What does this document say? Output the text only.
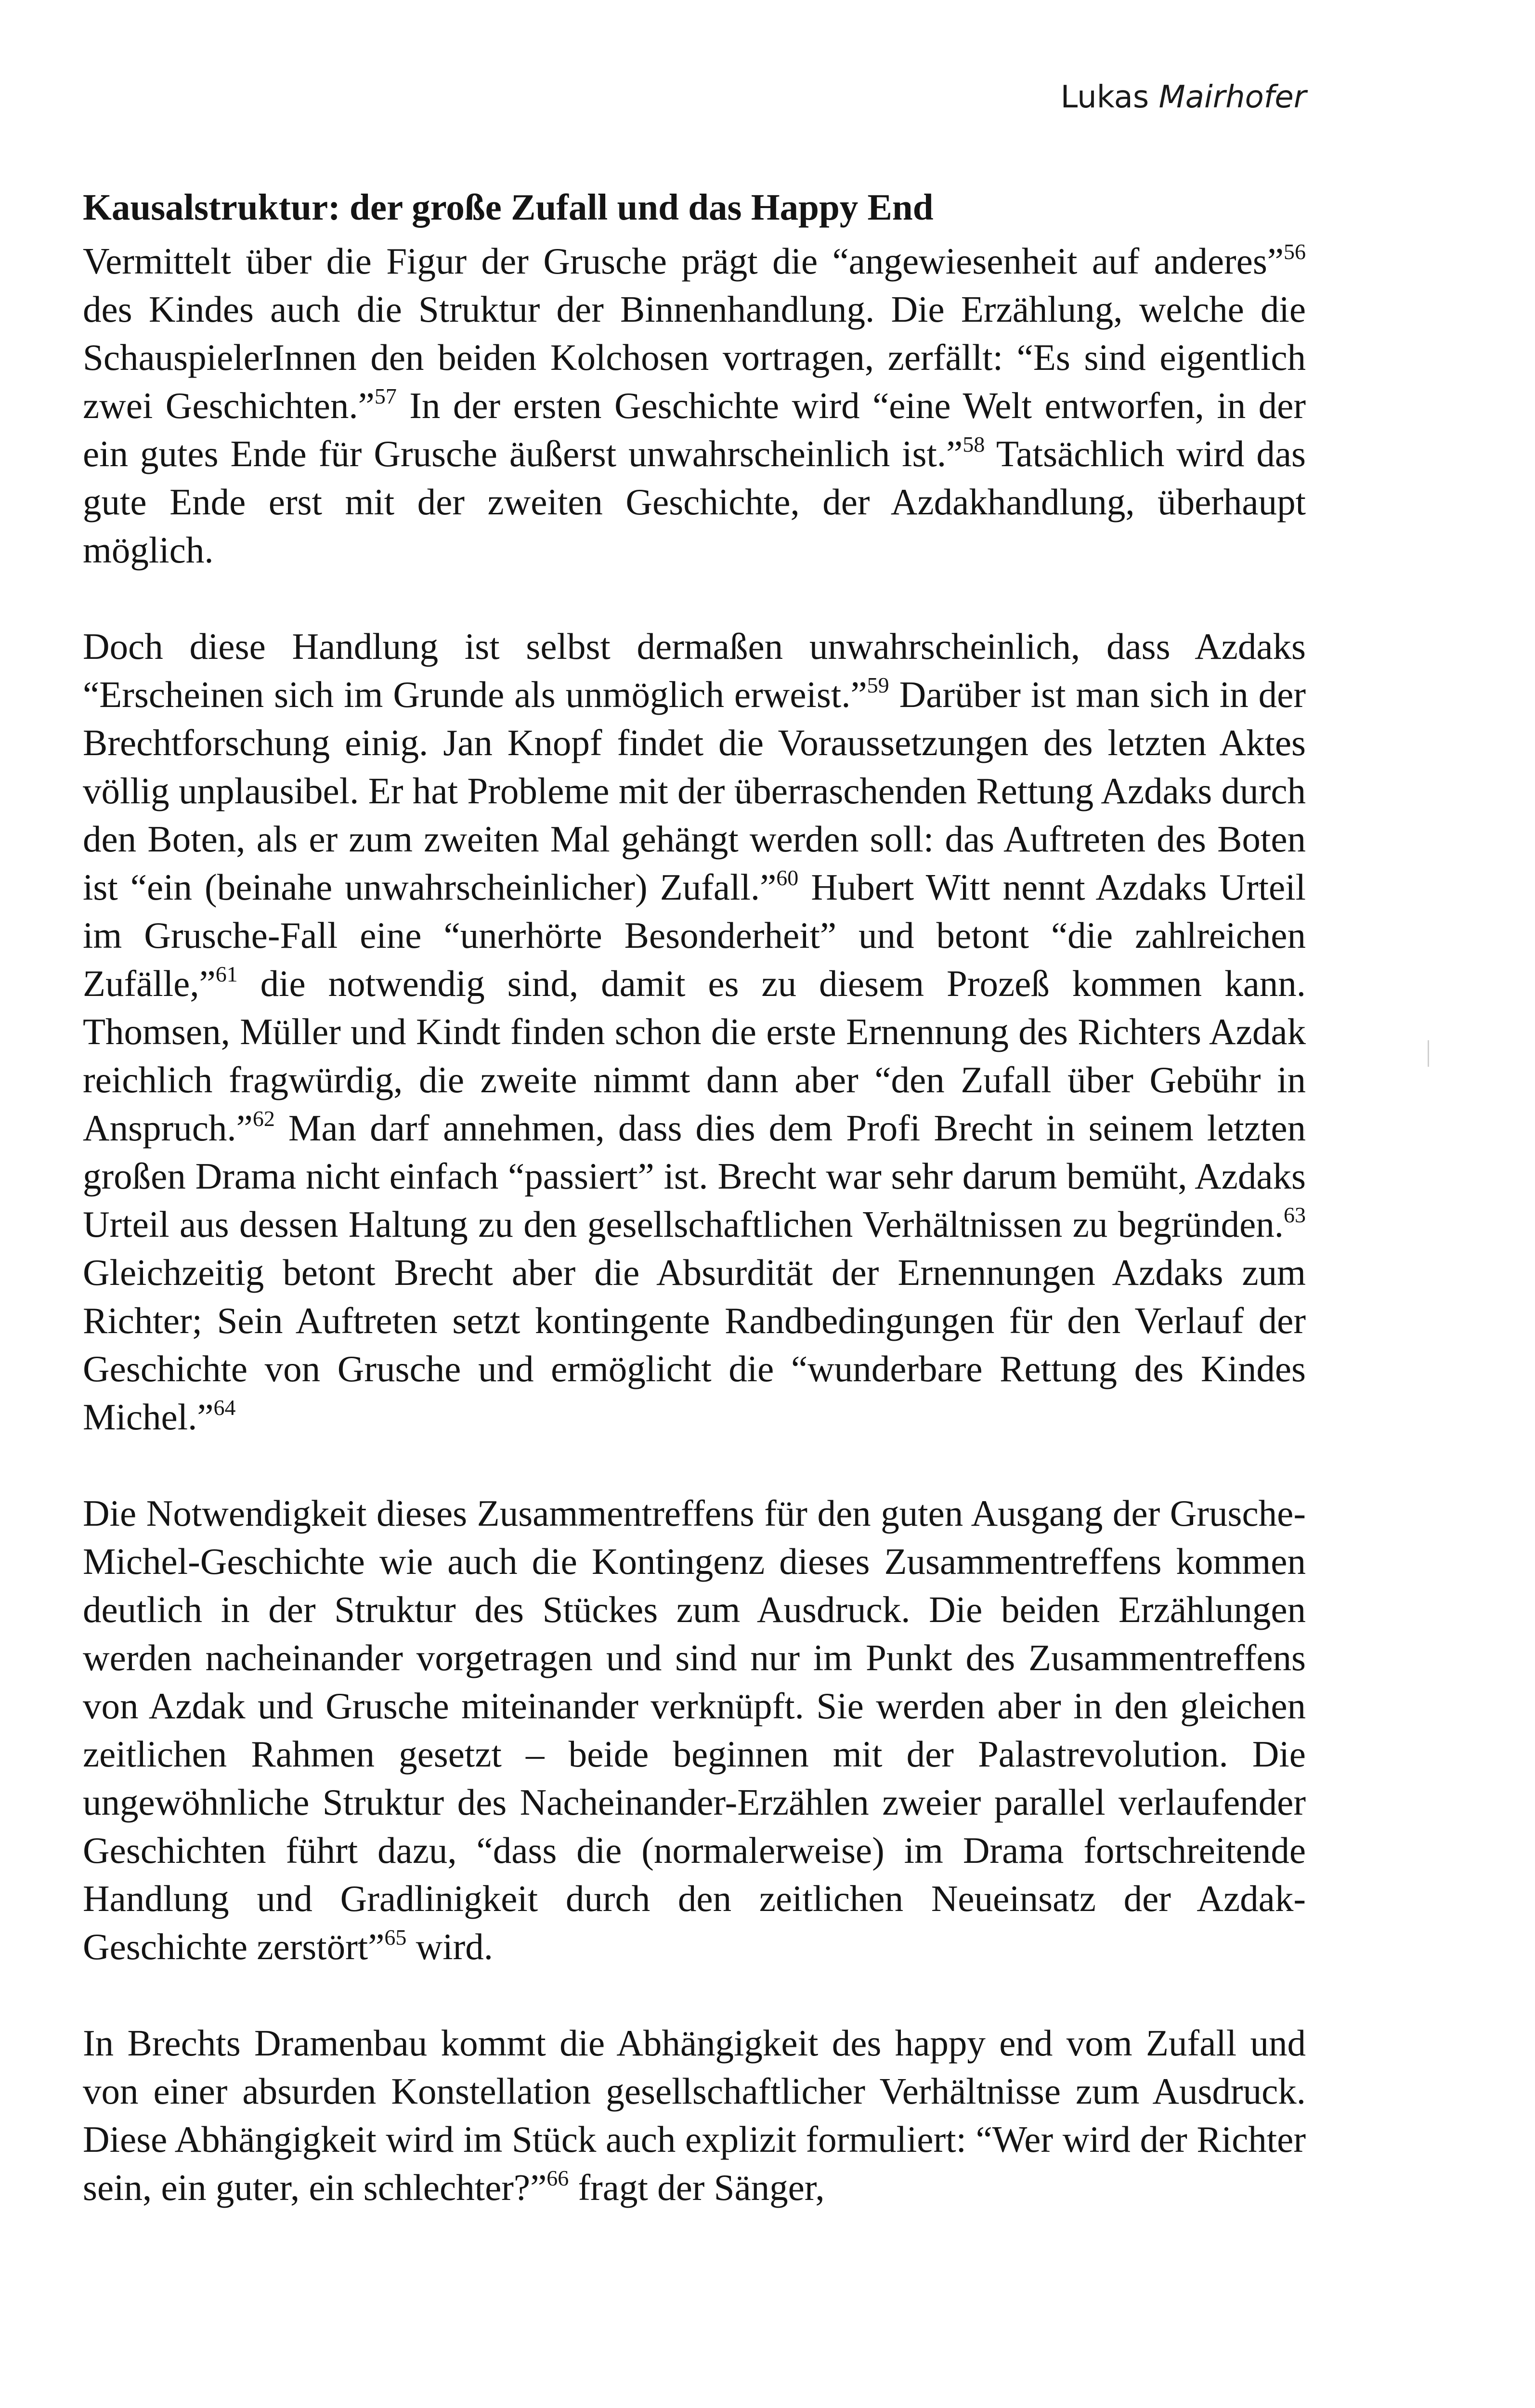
Lukas Mairhofer
Kausalstruktur: der große Zufall und das Happy End

Vermittelt über die Figur der Grusche prägt die “angewiesenheit auf anderes”$^{56}$ des Kindes auch die Struktur der Binnenhandlung. Die Erzählung, welche die SchauspielerInnen den beiden Kolchosen vortragen, zerfällt: “Es sind eigentlich zwei Geschichten.”$^{57}$ In der ersten Geschichte wird “eine Welt entworfen, in der ein gutes Ende für Grusche äußerst unwahrscheinlich ist.”$^{58}$ Tatsächlich wird das gute Ende erst mit der zweiten Geschichte, der Azdakhandlung, überhaupt möglich.

Doch diese Handlung ist selbst dermaßen unwahrscheinlich, dass Azdaks “Erscheinen sich im Grunde als unmöglich erweist.”$^{59}$ Darüber ist man sich in der Brechtforschung einig. Jan Knopf findet die Voraussetzungen des letzten Aktes völlig unplausibel. Er hat Probleme mit der überraschenden Rettung Azdaks durch den Boten, als er zum zweiten Mal gehängt werden soll: das Auftreten des Boten ist “ein (beinahe unwahrscheinlicher) Zufall.”$^{60}$ Hubert Witt nennt Azdaks Urteil im Grusche-Fall eine “unerhörte Besonderheit” und betont “die zahlreichen Zufälle,”$^{61}$ die notwendig sind, damit es zu diesem Prozeß kommen kann. Thomsen, Müller und Kindt finden schon die erste Ernennung des Richters Azdak reichlich fragwürdig, die zweite nimmt dann aber “den Zufall über Gebühr in Anspruch.”$^{62}$ Man darf annehmen, dass dies dem Profi Brecht in seinem letzten großen Drama nicht einfach “passiert” ist. Brecht war sehr darum bemüht, Azdaks Urteil aus dessen Haltung zu den gesellschaftlichen Verhältnissen zu begründen.$^{63}$ Gleichzeitig betont Brecht aber die Absurdität der Ernennungen Azdaks zum Richter; Sein Auftreten setzt kontingente Randbedingungen für den Verlauf der Geschichte von Grusche und ermöglicht die “wunderbare Rettung des Kindes Michel.”$^{64}$

Die Notwendigkeit dieses Zusammentreffens für den guten Ausgang der Grusche-Michel-Geschichte wie auch die Kontingenz dieses Zusammentreffens kommen deutlich in der Struktur des Stückes zum Ausdruck. Die beiden Erzählungen werden nacheinander vorgetragen und sind nur im Punkt des Zusammentreffens von Azdak und Grusche miteinander verknüpft. Sie werden aber in den gleichen zeitlichen Rahmen gesetzt – beide beginnen mit der Palastrevolution. Die ungewöhnliche Struktur des Nacheinander-Erzählen zweier parallel verlaufender Geschichten führt dazu, “dass die (normalerweise) im Drama fortschreitende Handlung und Gradlinigkeit durch den zeitlichen Neueinsatz der Azdak-Geschichte zerstört”$^{65}$ wird.

In Brechts Dramenbau kommt die Abhängigkeit des happy end vom Zufall und von einer absurden Konstellation gesellschaftlicher Verhältnisse zum Ausdruck. Diese Abhängigkeit wird im Stück auch explizit formuliert: “Wer wird der Richter sein, ein guter, ein schlechter?”$^{66}$ fragt der Sänger,
